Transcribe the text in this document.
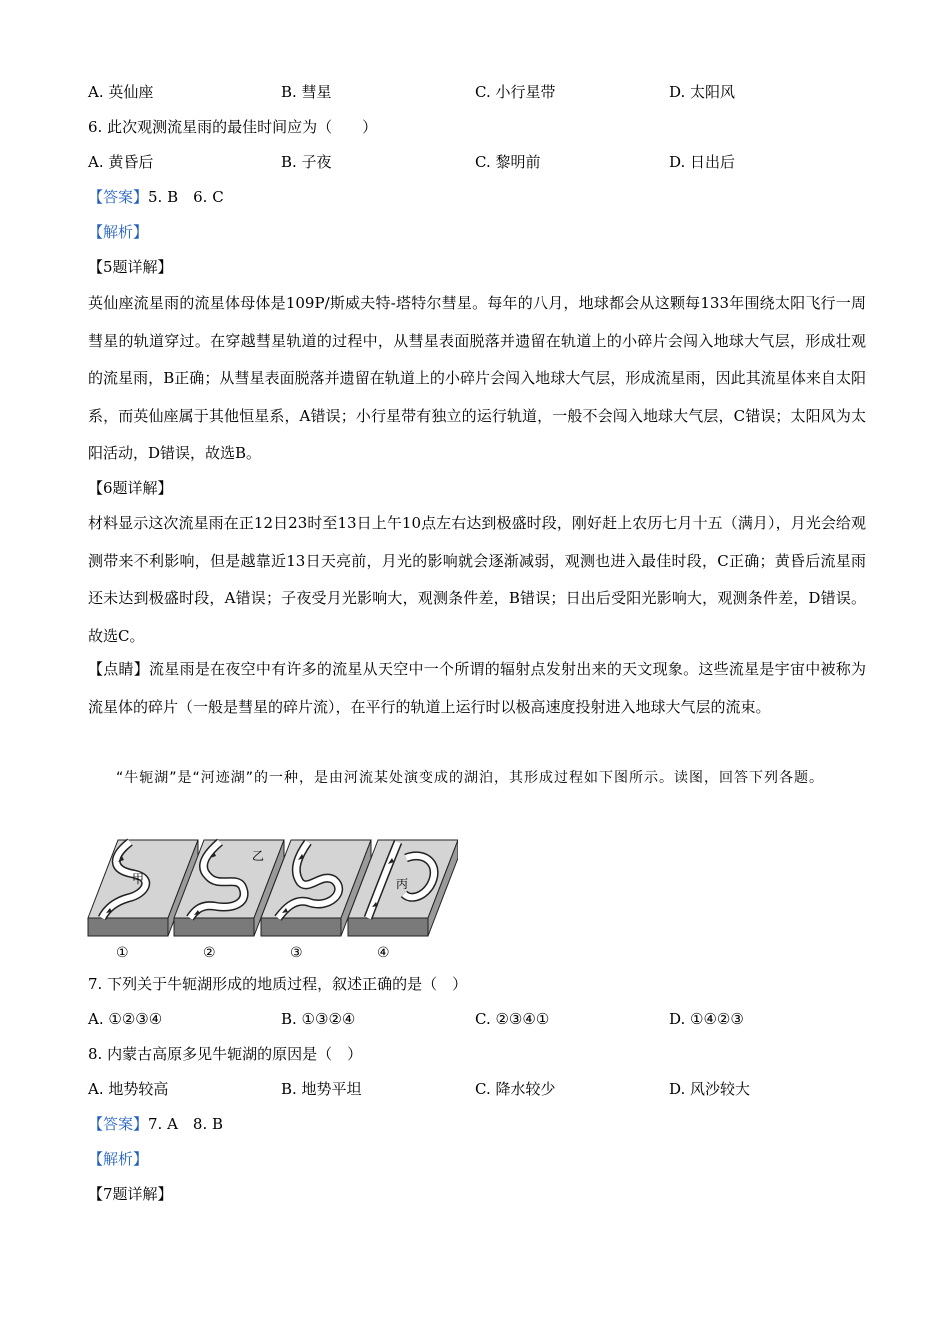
A. 英仙座	B. 彗星	C. 小行星带	D. 太阳风
6. 此次观测流星雨的最佳时间应为（　　）
A. 黄昏后	B. 子夜	C. 黎明前	D. 日出后
【答案】5. B　6. C
【解析】
【5题详解】
英仙座流星雨的流星体母体是109P/斯威夫特-塔特尔彗星。每年的八月，地球都会从这颗每133年围绕太阳飞行一周彗星的轨道穿过。在穿越彗星轨道的过程中，从彗星表面脱落并遗留在轨道上的小碎片会闯入地球大气层，形成壮观的流星雨，B正确；从彗星表面脱落并遗留在轨道上的小碎片会闯入地球大气层，形成流星雨，因此其流星体来自太阳系，而英仙座属于其他恒星系，A错误；小行星带有独立的运行轨道，一般不会闯入地球大气层，C错误；太阳风为太阳活动，D错误，故选B。
【6题详解】
材料显示这次流星雨在正12日23时至13日上午10点左右达到极盛时段，刚好赶上农历七月十五（满月），月光会给观测带来不利影响，但是越靠近13日天亮前，月光的影响就会逐渐减弱，观测也进入最佳时段，C正确；黄昏后流星雨还未达到极盛时段，A错误；子夜受月光影响大，观测条件差，B错误；日出后受阳光影响大，观测条件差，D错误。故选C。
【点睛】流星雨是在夜空中有许多的流星从天空中一个所谓的辐射点发射出来的天文现象。这些流星是宇宙中被称为流星体的碎片（一般是彗星的碎片流），在平行的轨道上运行时以极高速度投射进入地球大气层的流束。
“牛轭湖”是“河迹湖”的一种，是由河流某处演变成的湖泊，其形成过程如下图所示。读图，回答下列各题。
甲
乙
丙
①	②	③	④
7. 下列关于牛轭湖形成的地质过程，叙述正确的是（　）
A. ①②③④	B. ①③②④	C. ②③④①	D. ①④②③
8. 内蒙古高原多见牛轭湖的原因是（　）
A. 地势较高	B. 地势平坦	C. 降水较少	D. 风沙较大
【答案】7. A　8. B
【解析】
【7题详解】
